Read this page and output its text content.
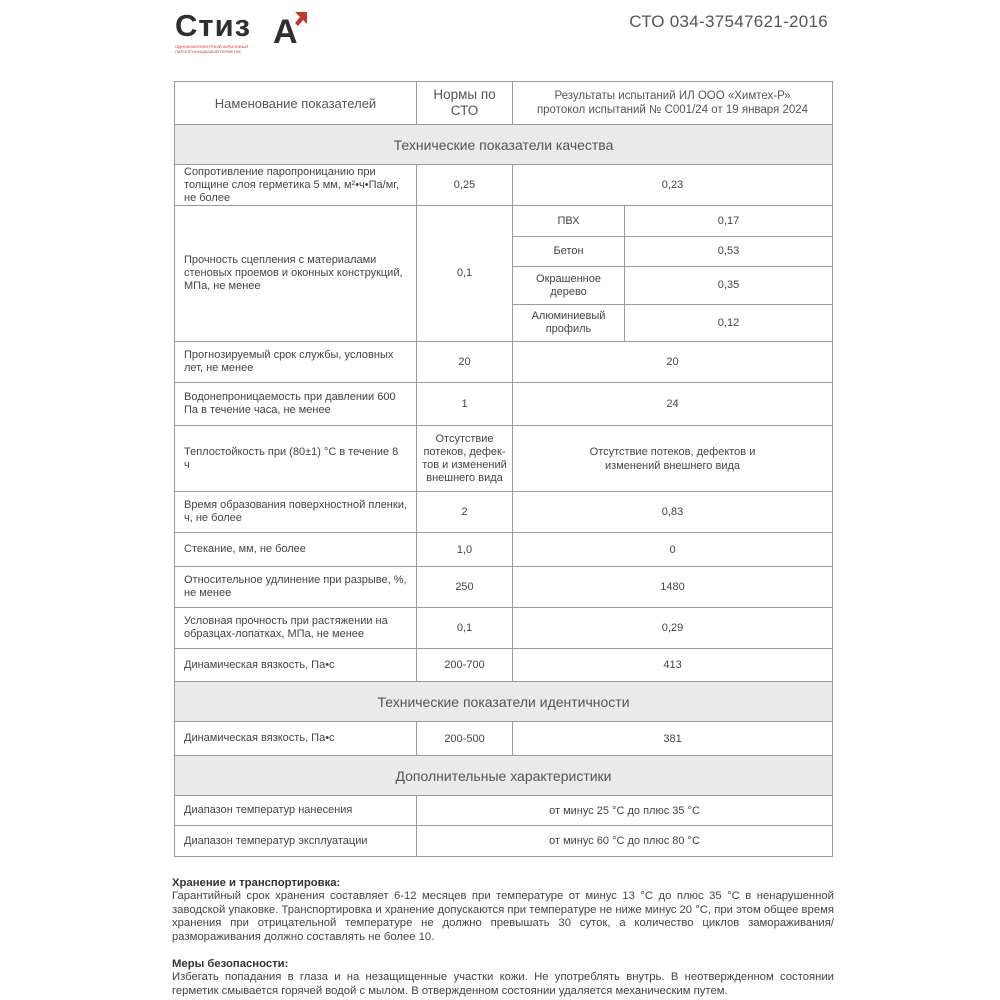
Стиз А
ОДНОКОМПОНЕНТНЫЙ АКРИЛОВЫЙ
ПАРОПРОНИЦАЕМЫЙ ГЕРМЕТИК
СТО 034-37547621-2016
Наменование показателей	Нормы по СТО	Результаты испытаний ИЛ ООО «Химтех-Р»
протокол испытаний № С001/24 от 19 января 2024	

Технические показатели качества			
Сопротивление паропроницанию при толщине слоя герметика 5 мм, м²•ч•Па/мг, не более	0,25	0,23	
Прочность сцепления с материалами стеновых проемов и оконных конструкций, МПа, не менее	0,1	ПВХ	0,17
		Бетон	0,53
		Окрашенное дерево	0,35
		Алюминиевый профиль	0,12
Прогнозируемый срок службы, условных лет, не менее	20	20	
Водонепроницаемость при давлении 600 Па в течение часа, не менее	1	24	
Теплостойкость при (80±1) °С в течение 8 ч	Отсутствие потеков, дефек-тов и изменений внешнего вида	Отсутствие потеков, дефектов и изменений внешнего вида	
Время образования поверхностной пленки, ч, не более	2	0,83	
Стекание, мм, не более	1,0	0	
Относительное удлинение при разрыве, %, не менее	250	1480	
Условная прочность при растяжении на образцах-лопатках, МПа, не менее	0,1	0,29	
Динамическая вязкость, Па•с	200-700	413	
Технические показатели идентичности			
Динамическая вязкость, Па•с	200-500	381	
Дополнительные характеристики			
Диапазон температур нанесения	от минус 25 °С до плюс 35 °С		
Диапазон температур эксплуатации	от минус 60 °С до плюс 80 °С		

Хранение и транспортировка:

Гарантийный срок хранения составляет 6-12 месяцев при температуре от минус 13 °С до плюс 35 °С в ненарушенной заводской упаковке. Транспортировка и хранение допускаются при температуре не ниже минус 20 °С, при этом общее время хранения при отрицательной температуре не должно превышать 30 суток, а количество циклов замораживания/размораживания должно составлять не более 10.

Меры безопасности:

Избегать попадания в глаза и на незащищенные участки кожи. Не употреблять внутрь. В неотвержденном состоянии герметик смывается горячей водой с мылом. В отвержденном состоянии удаляется механическим путем.
